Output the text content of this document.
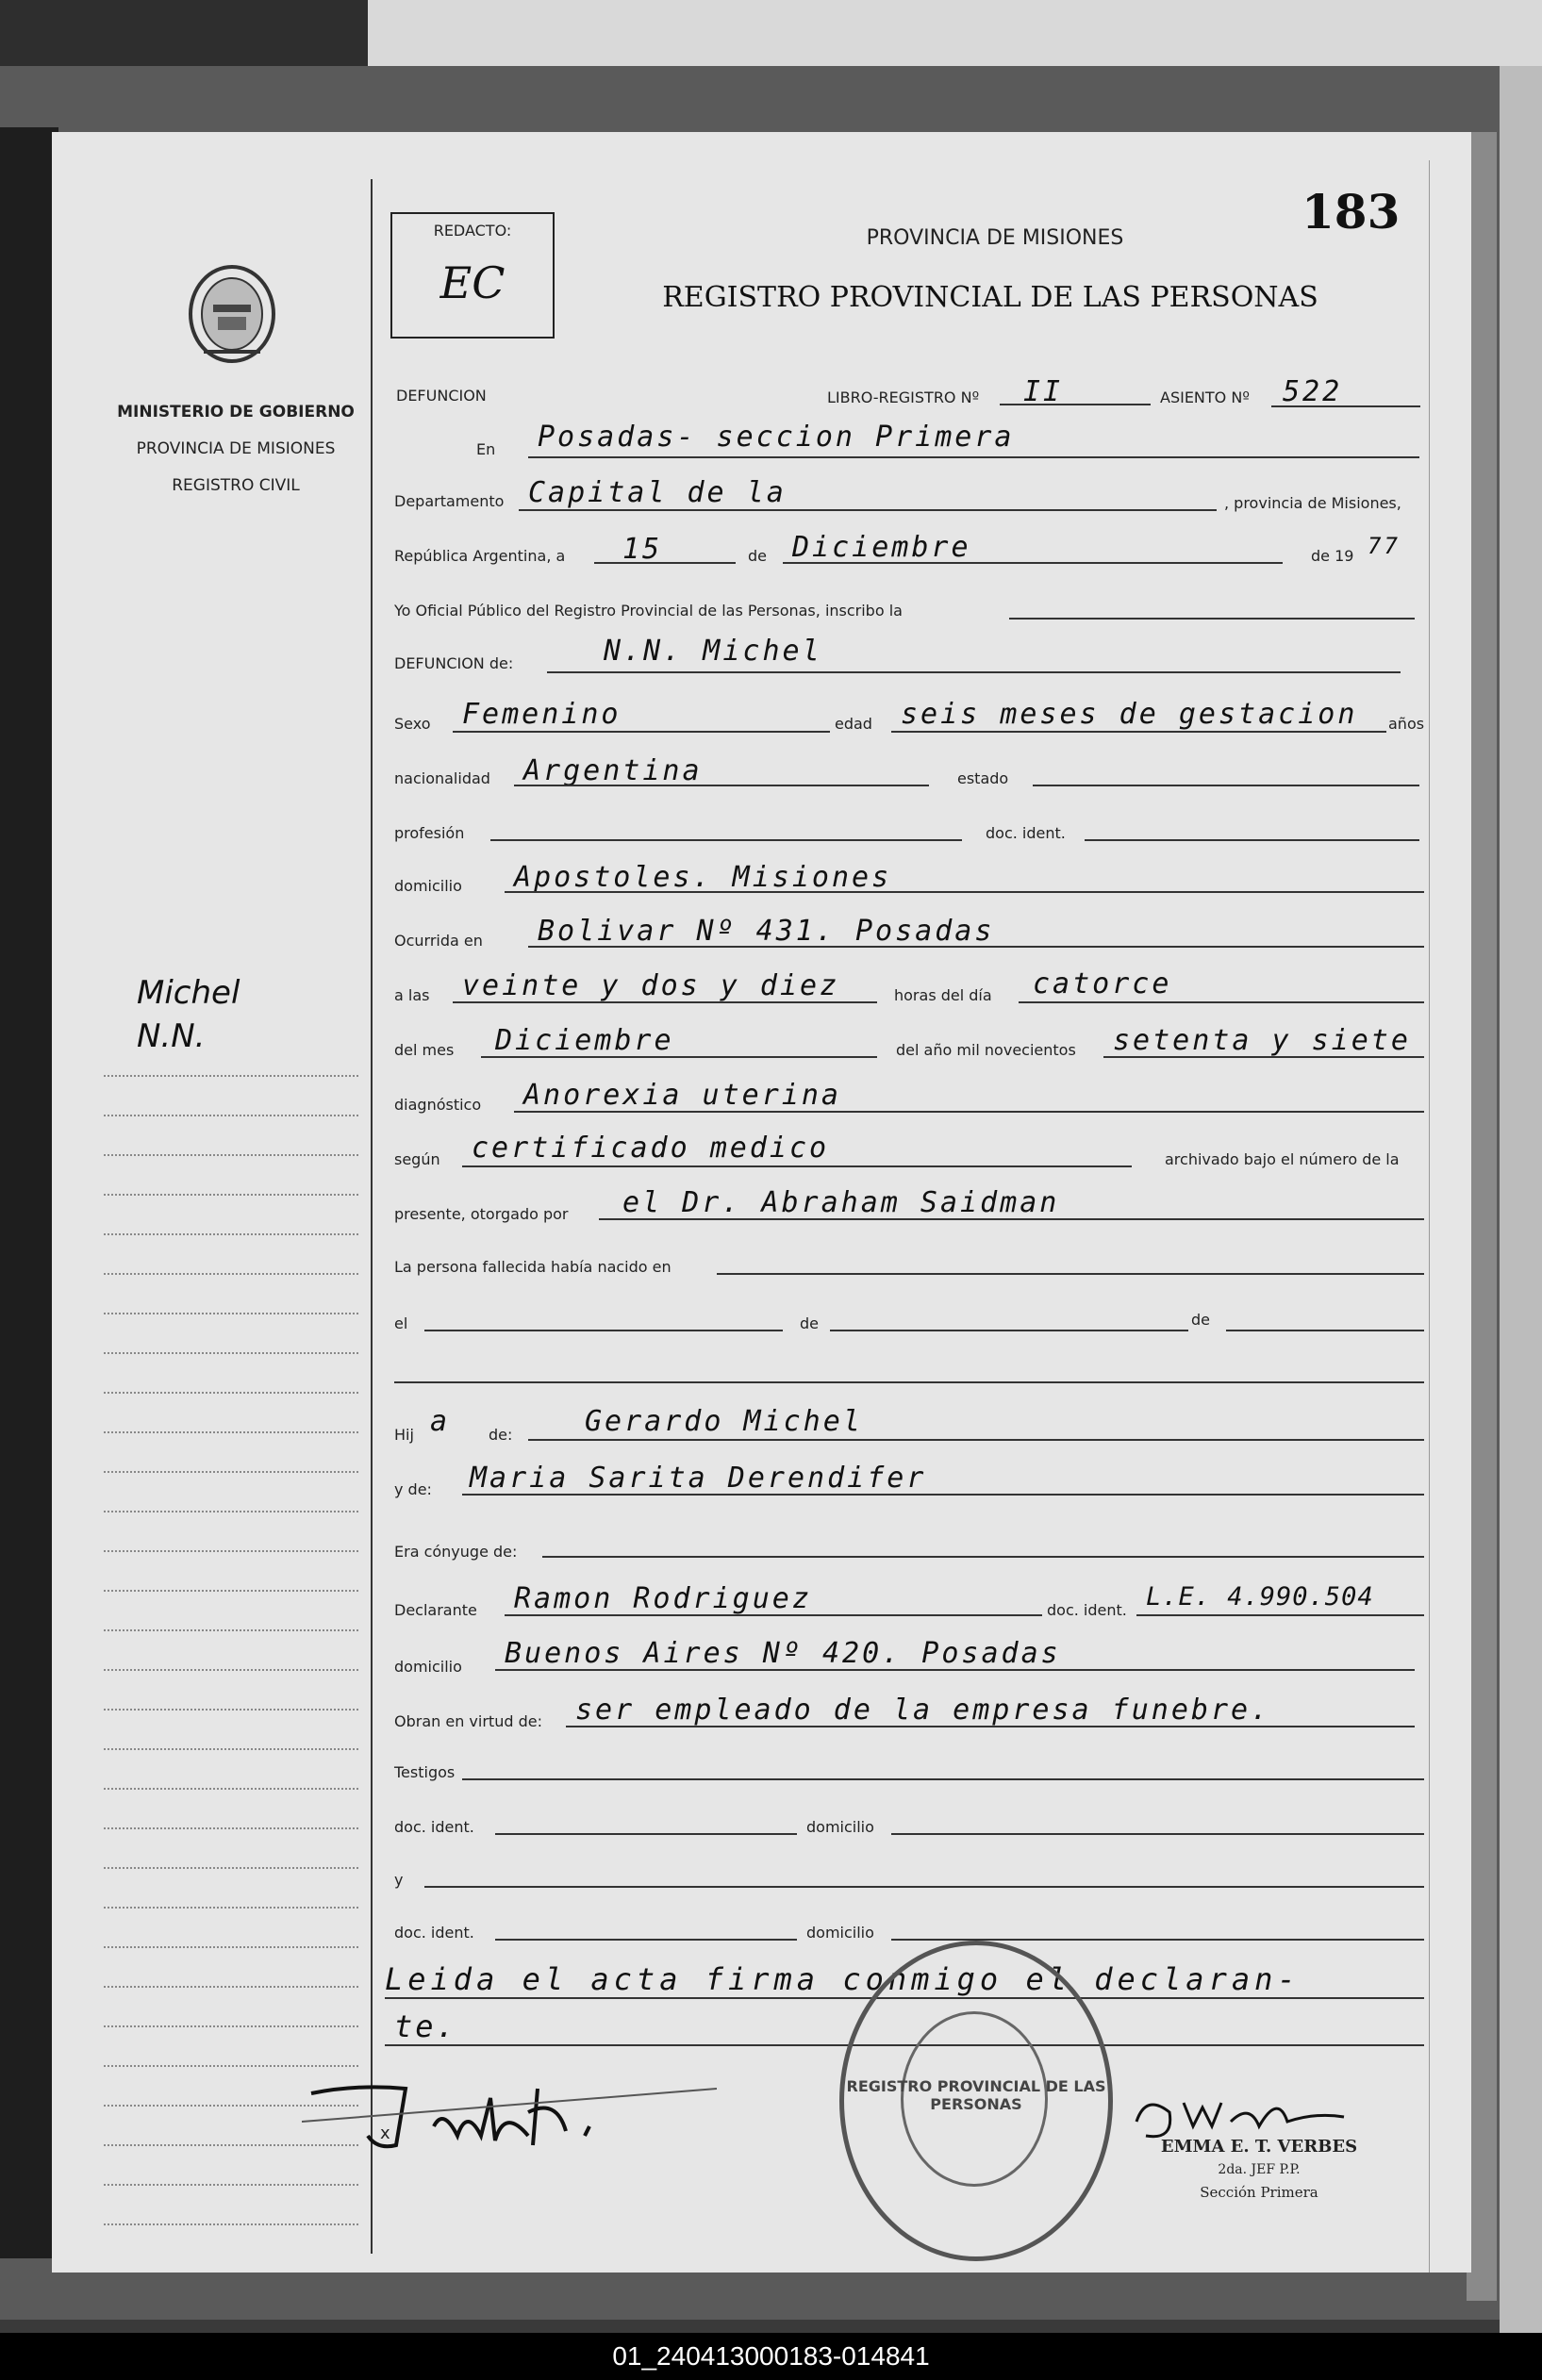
MINISTERIO DE GOBIERNO
PROVINCIA DE MISIONES
REGISTRO CIVIL
Michel
N.N.
REDACTO:
EC
183
PROVINCIA DE MISIONES
REGISTRO PROVINCIAL DE LAS PERSONAS
DEFUNCION	LIBRO-REGISTRO Nº II	ASIENTO Nº 522
En Posadas- seccion Primera
Departamento Capital de la	, provincia de Misiones,
República Argentina, a 15	de Diciembre	de 19 77
Yo Oficial Público del Registro Provincial de las Personas, inscribo la
DEFUNCION de:	N.N. Michel
Sexo Femenino	edad seis meses de gestacion años
nacionalidad Argentina	estado
profesión	doc. ident.
domicilio Apostoles. Misiones
Ocurrida en Bolivar Nº 431. Posadas
a las veinte y dos y diez	horas del día catorce
del mes Diciembre	del año mil novecientos setenta y siete
diagnóstico Anorexia uterina
según certificado medico	archivado bajo el número de la
presente, otorgado por el Dr. Abraham Saidman
La persona fallecida había nacido en
el	de	de
Hij a	de:	Gerardo Michel
y de: Maria Sarita Derendifer
Era cónyuge de:
Declarante Ramon Rodriguez	doc. ident. L.E. 4.990.504
domicilio Buenos Aires Nº 420. Posadas
Obran en virtud de: ser empleado de la empresa funebre.
Testigos
doc. ident.	domicilio
y
doc. ident.	domicilio
Leida el acta firma conmigo el declaran-
te.
x
REGISTRO PROVINCIAL DE LAS PERSONAS
EMMA E. T. VERBES
2da. JEF P.P.
Sección Primera
01_240413000183-014841
